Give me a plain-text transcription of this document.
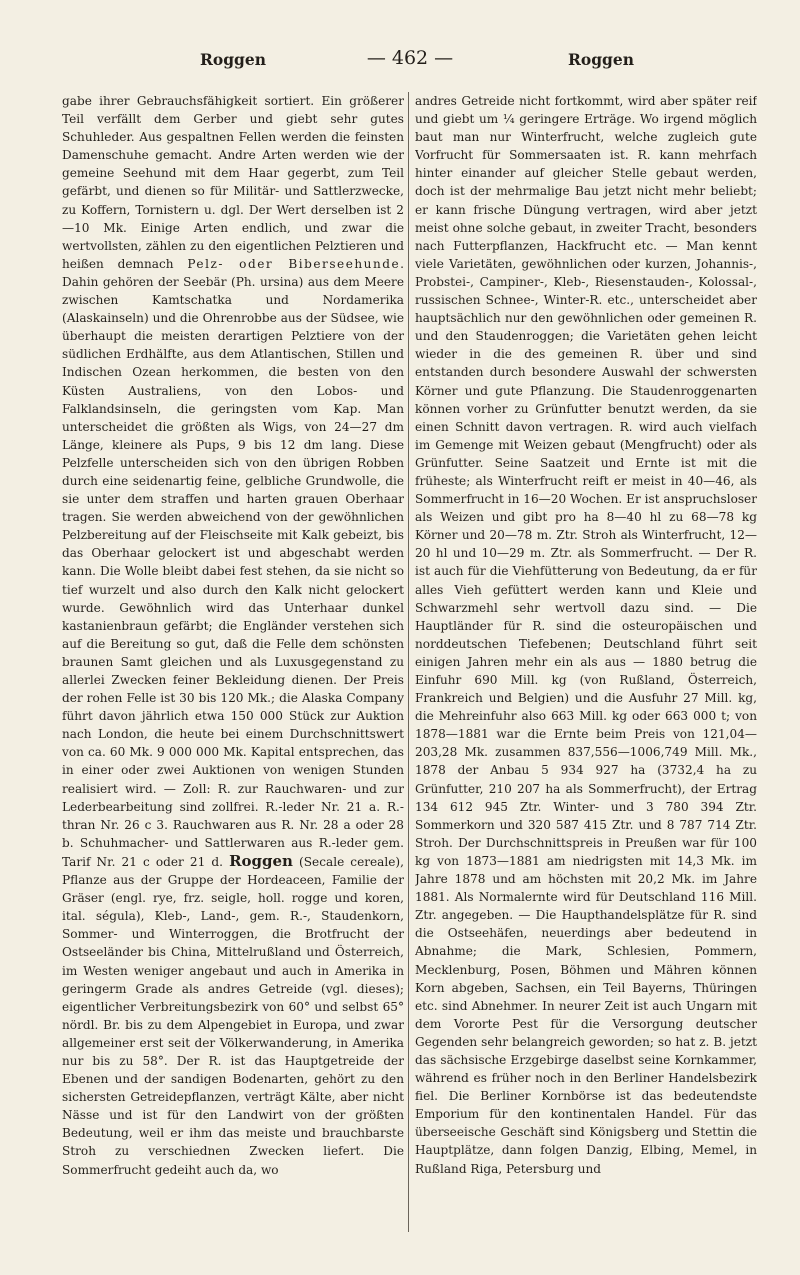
Roggen	— 462 —	Roggen

gabe ihrer Gebrauchsfähigkeit sortiert. Ein größerer Teil verfällt dem Gerber und giebt sehr gutes Schuhleder. Aus gespaltnen Fellen werden die feinsten Damenschuhe gemacht. Andre Arten werden wie der gemeine Seehund mit dem Haar gegerbt, zum Teil gefärbt, und dienen so für Militär- und Sattlerzwecke, zu Koffern, Tornistern u. dgl. Der Wert derselben ist 2—10 Mk. Einige Arten endlich, und zwar die wertvollsten, zählen zu den eigentlichen Pelztieren und heißen demnach Pelz- oder Biberseehunde. Dahin gehören der Seebär (Ph. ursina) aus dem Meere zwischen Kamtschatka und Nordamerika (Alaskainseln) und die Ohrenrobbe aus der Südsee, wie überhaupt die meisten derartigen Pelztiere von der südlichen Erdhälfte, aus dem Atlantischen, Stillen und Indischen Ozean herkommen, die besten von den Küsten Australiens, von den Lobos- und Falklandsinseln, die geringsten vom Kap. Man unterscheidet die größten als Wigs, von 24—27 dm Länge, kleinere als Pups, 9 bis 12 dm lang. Diese Pelzfelle unterscheiden sich von den übrigen Robben durch eine seidenartig feine, gelbliche Grundwolle, die sie unter dem straffen und harten grauen Oberhaar tragen. Sie werden abweichend von der gewöhnlichen Pelzbereitung auf der Fleischseite mit Kalk gebeizt, bis das Oberhaar gelockert ist und abgeschabt werden kann. Die Wolle bleibt dabei fest stehen, da sie nicht so tief wurzelt und also durch den Kalk nicht gelockert wurde. Gewöhnlich wird das Unterhaar dunkel kastanienbraun gefärbt; die Engländer verstehen sich auf die Bereitung so gut, daß die Felle dem schönsten braunen Samt gleichen und als Luxusgegenstand zu allerlei Zwecken feiner Bekleidung dienen. Der Preis der rohen Felle ist 30 bis 120 Mk.; die Alaska Company führt davon jährlich etwa 150 000 Stück zur Auktion nach London, die heute bei einem Durchschnittswert von ca. 60 Mk. 9 000 000 Mk. Kapital entsprechen, das in einer oder zwei Auktionen von wenigen Stunden realisiert wird. — Zoll: R. zur Rauchwaren- und zur Lederbearbeitung sind zollfrei. R.-leder Nr. 21 a. R.-thran Nr. 26 c 3. Rauchwaren aus R. Nr. 28 a oder 28 b. Schuhmacher- und Sattlerwaren aus R.-leder gem. Tarif Nr. 21 c oder 21 d. Roggen (Secale cereale), Pflanze aus der Gruppe der Hordeaceen, Familie der Gräser (engl. rye, frz. seigle, holl. rogge und koren, ital. ségula), Kleb-, Land-, gem. R.-, Staudenkorn, Sommer- und Winterroggen, die Brotfrucht der Ostseeländer bis China, Mittelrußland und Österreich, im Westen weniger angebaut und auch in Amerika in geringerm Grade als andres Getreide (vgl. dieses); eigentlicher Verbreitungsbezirk von 60° und selbst 65° nördl. Br. bis zu dem Alpengebiet in Europa, und zwar allgemeiner erst seit der Völkerwanderung, in Amerika nur bis zu 58°. Der R. ist das Hauptgetreide der Ebenen und der sandigen Bodenarten, gehört zu den sichersten Getreidepflanzen, verträgt Kälte, aber nicht Nässe und ist für den Landwirt von der größten Bedeutung, weil er ihm das meiste und brauchbarste Stroh zu verschiednen Zwecken liefert. Die Sommerfrucht gedeiht auch da, wo

andres Getreide nicht fortkommt, wird aber später reif und giebt um ¼ geringere Erträge. Wo irgend möglich baut man nur Winterfrucht, welche zugleich gute Vorfrucht für Sommersaaten ist. R. kann mehrfach hinter einander auf gleicher Stelle gebaut werden, doch ist der mehrmalige Bau jetzt nicht mehr beliebt; er kann frische Düngung vertragen, wird aber jetzt meist ohne solche gebaut, in zweiter Tracht, besonders nach Futterpflanzen, Hackfrucht etc. — Man kennt viele Varietäten, gewöhnlichen oder kurzen, Johannis-, Probstei-, Campiner-, Kleb-, Riesenstauden-, Kolossal-, russischen Schnee-, Winter-R. etc., unterscheidet aber hauptsächlich nur den gewöhnlichen oder gemeinen R. und den Staudenroggen; die Varietäten gehen leicht wieder in die des gemeinen R. über und sind entstanden durch besondere Auswahl der schwersten Körner und gute Pflanzung. Die Staudenroggenarten können vorher zu Grünfutter benutzt werden, da sie einen Schnitt davon vertragen. R. wird auch vielfach im Gemenge mit Weizen gebaut (Mengfrucht) oder als Grünfutter. Seine Saatzeit und Ernte ist mit die früheste; als Winterfrucht reift er meist in 40—46, als Sommerfrucht in 16—20 Wochen. Er ist anspruchsloser als Weizen und gibt pro ha 8—40 hl zu 68—78 kg Körner und 20—78 m. Ztr. Stroh als Winterfrucht, 12—20 hl und 10—29 m. Ztr. als Sommerfrucht. — Der R. ist auch für die Viehfütterung von Bedeutung, da er für alles Vieh gefüttert werden kann und Kleie und Schwarzmehl sehr wertvoll dazu sind. — Die Hauptländer für R. sind die osteuropäischen und norddeutschen Tiefebenen; Deutschland führt seit einigen Jahren mehr ein als aus — 1880 betrug die Einfuhr 690 Mill. kg (von Rußland, Österreich, Frankreich und Belgien) und die Ausfuhr 27 Mill. kg, die Mehreinfuhr also 663 Mill. kg oder 663 000 t; von 1878—1881 war die Ernte beim Preis von 121,04—203,28 Mk. zusammen 837,556—1006,749 Mill. Mk., 1878 der Anbau 5 934 927 ha (3732,4 ha zu Grünfutter, 210 207 ha als Sommerfrucht), der Ertrag 134 612 945 Ztr. Winter- und 3 780 394 Ztr. Sommerkorn und 320 587 415 Ztr. und 8 787 714 Ztr. Stroh. Der Durchschnittspreis in Preußen war für 100 kg von 1873—1881 am niedrigsten mit 14,3 Mk. im Jahre 1878 und am höchsten mit 20,2 Mk. im Jahre 1881. Als Normalernte wird für Deutschland 116 Mill. Ztr. angegeben. — Die Haupthandelsplätze für R. sind die Ostseehäfen, neuerdings aber bedeutend in Abnahme; die Mark, Schlesien, Pommern, Mecklenburg, Posen, Böhmen und Mähren können Korn abgeben, Sachsen, ein Teil Bayerns, Thüringen etc. sind Abnehmer. In neurer Zeit ist auch Ungarn mit dem Vororte Pest für die Versorgung deutscher Gegenden sehr belangreich geworden; so hat z. B. jetzt das sächsische Erzgebirge daselbst seine Kornkammer, während es früher noch in den Berliner Handelsbezirk fiel. Die Berliner Kornbörse ist das bedeutendste Emporium für den kontinentalen Handel. Für das überseeische Geschäft sind Königsberg und Stettin die Hauptplätze, dann folgen Danzig, Elbing, Memel, in Rußland Riga, Petersburg und
